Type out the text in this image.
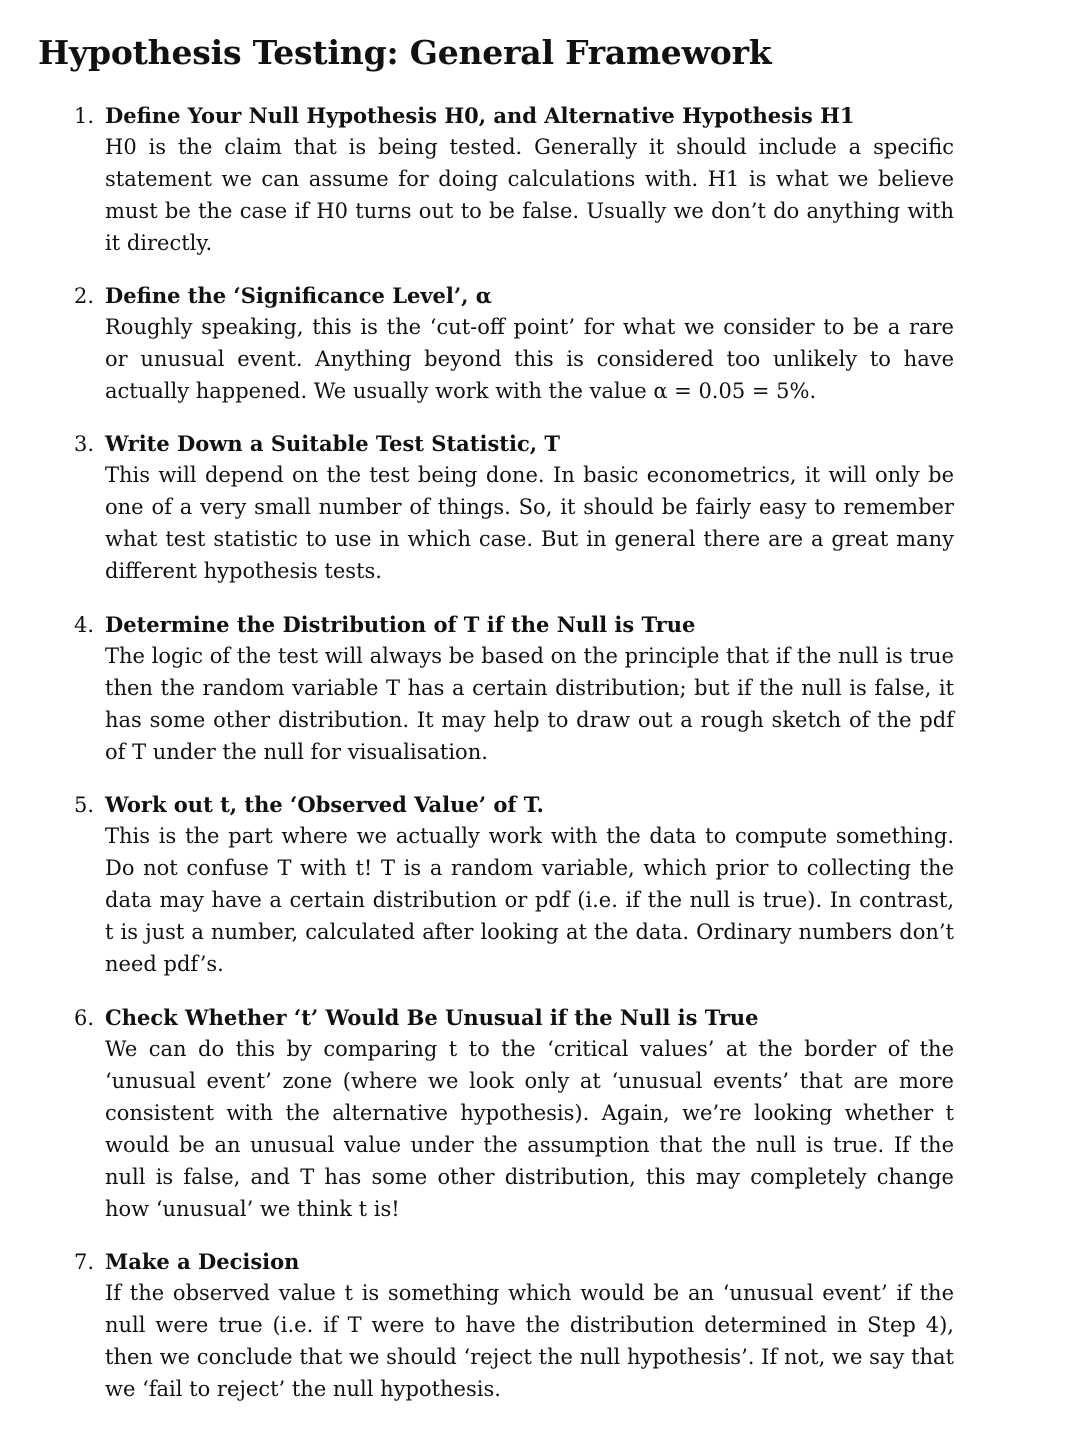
Hypothesis Testing: General Framework
1. Define Your Null Hypothesis H0, and Alternative Hypothesis H1
H0 is the claim that is being tested. Generally it should include a specific statement we can assume for doing calculations with. H1 is what we believe must be the case if H0 turns out to be false. Usually we don’t do anything with it directly.
2. Define the ‘Significance Level’, α
Roughly speaking, this is the ‘cut-off point’ for what we consider to be a rare or unusual event. Anything beyond this is considered too unlikely to have actually happened. We usually work with the value α = 0.05 = 5%.
3. Write Down a Suitable Test Statistic, T
This will depend on the test being done. In basic econometrics, it will only be one of a very small number of things. So, it should be fairly easy to remember what test statistic to use in which case. But in general there are a great many different hypothesis tests.
4. Determine the Distribution of T if the Null is True
The logic of the test will always be based on the principle that if the null is true then the random variable T has a certain distribution; but if the null is false, it has some other distribution. It may help to draw out a rough sketch of the pdf of T under the null for visualisation.
5. Work out t, the ‘Observed Value’ of T.
This is the part where we actually work with the data to compute something. Do not confuse T with t! T is a random variable, which prior to collecting the data may have a certain distribution or pdf (i.e. if the null is true). In contrast, t is just a number, calculated after looking at the data. Ordinary numbers don’t need pdf’s.
6. Check Whether ‘t’ Would Be Unusual if the Null is True
We can do this by comparing t to the ‘critical values’ at the border of the ‘unusual event’ zone (where we look only at ‘unusual events’ that are more consistent with the alternative hypothesis). Again, we’re looking whether t would be an unusual value under the assumption that the null is true. If the null is false, and T has some other distribution, this may completely change how ‘unusual’ we think t is!
7. Make a Decision
If the observed value t is something which would be an ‘unusual event’ if the null were true (i.e. if T were to have the distribution determined in Step 4), then we conclude that we should ‘reject the null hypothesis’. If not, we say that we ‘fail to reject’ the null hypothesis.
